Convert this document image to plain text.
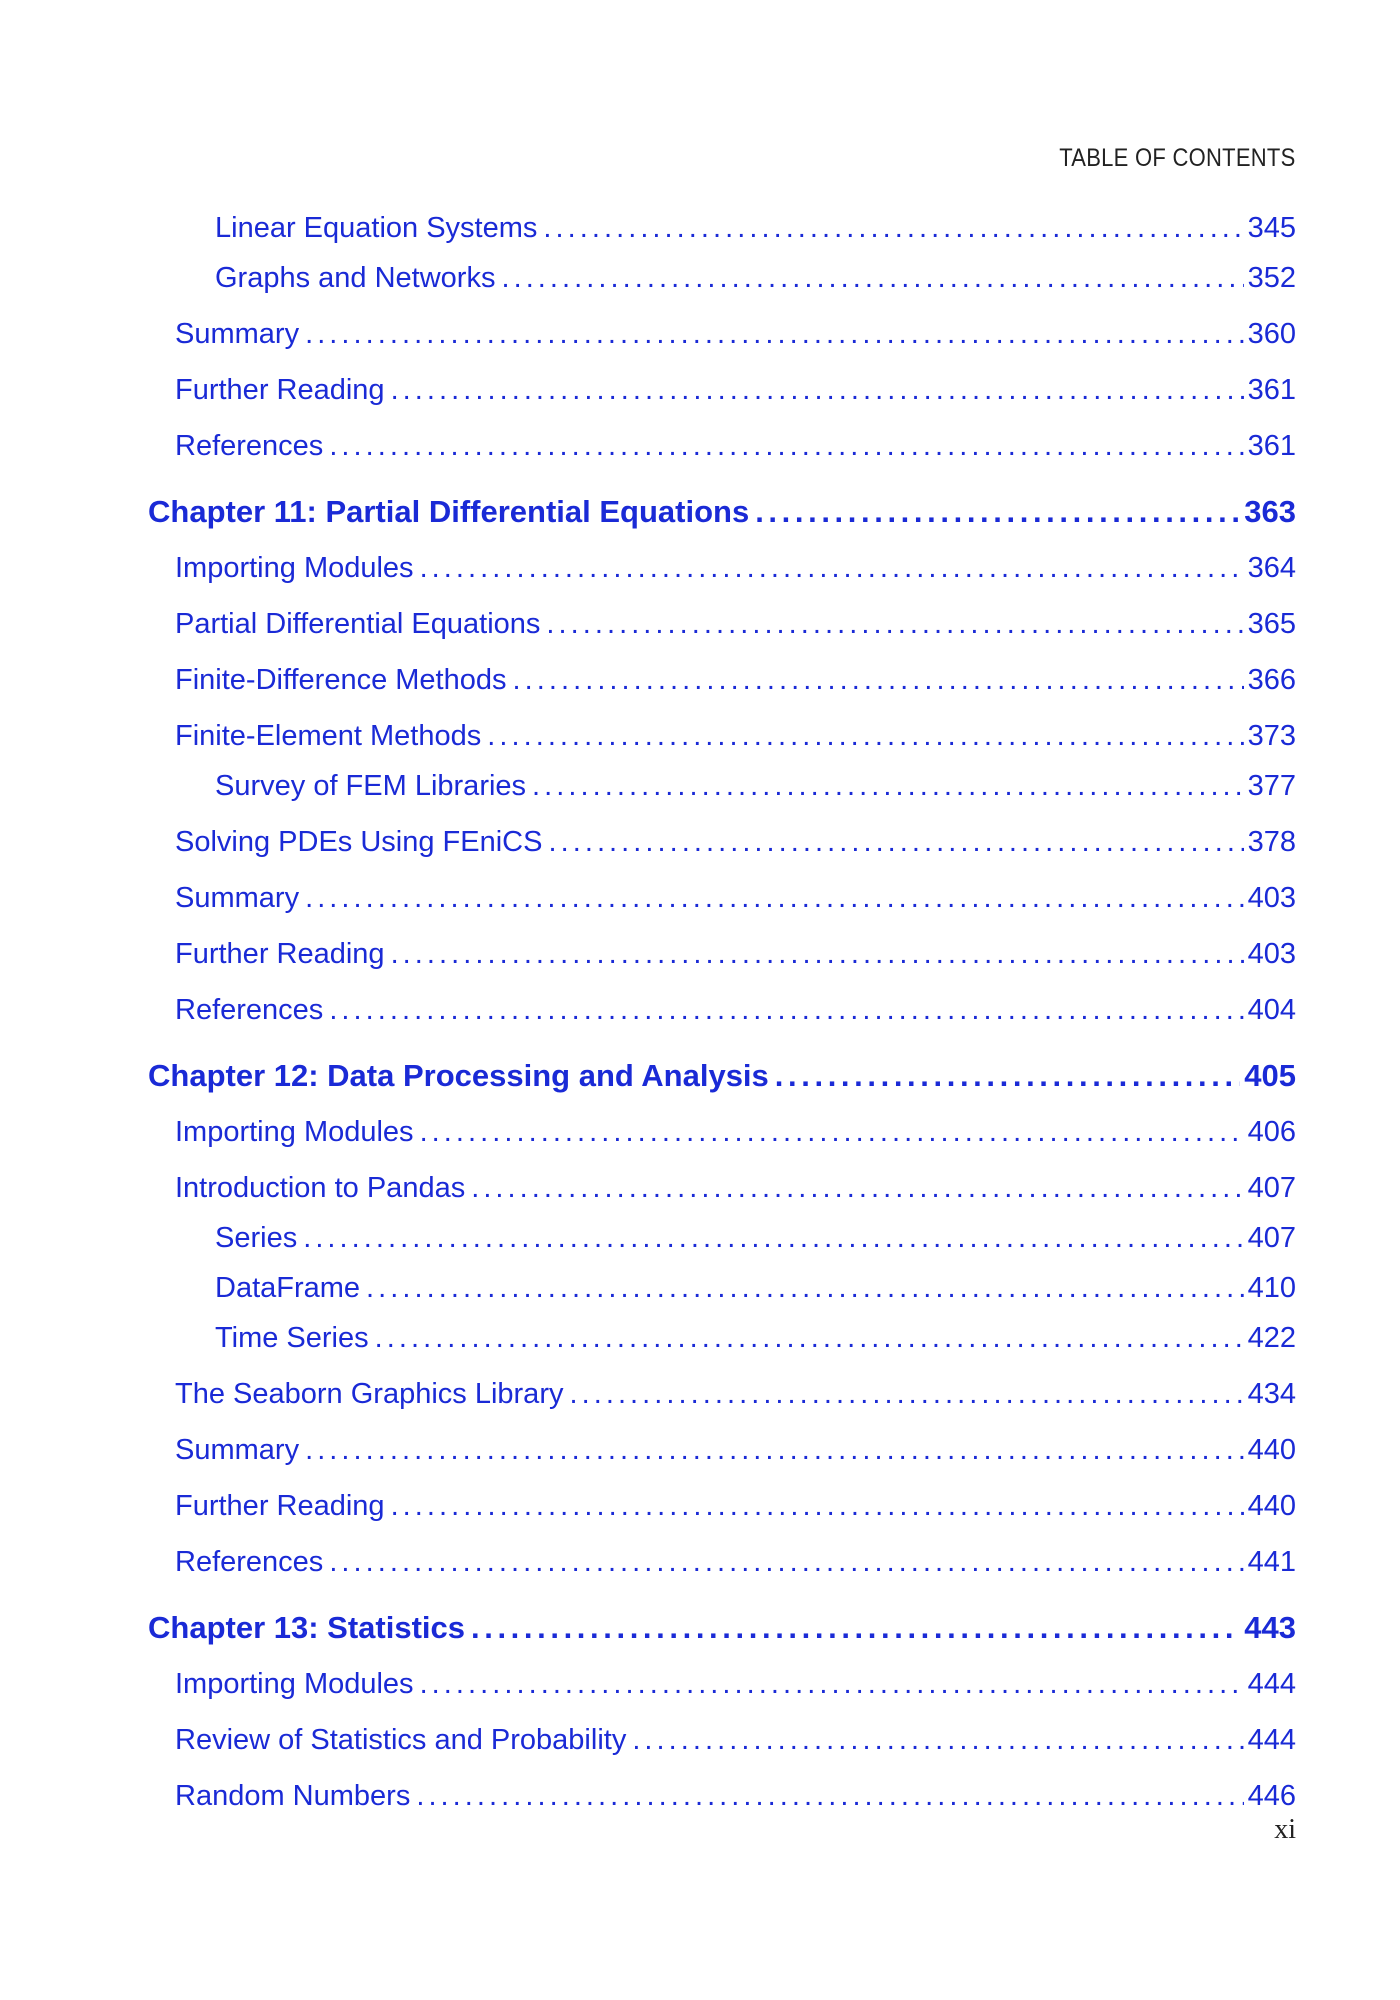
TABLE OF CONTENTS
Linear Equation Systems . . .	345
Graphs and Networks . . .	352
Summary . . .	360
Further Reading . . .	361
References . . .	361
Chapter 11: Partial Differential Equations . . .	363
Importing Modules . . .	364
Partial Differential Equations . . .	365
Finite-Difference Methods . . .	366
Finite-Element Methods . . .	373
Survey of FEM Libraries . . .	377
Solving PDEs Using FEniCS . . .	378
Summary . . .	403
Further Reading . . .	403
References . . .	404
Chapter 12: Data Processing and Analysis . . .	405
Importing Modules . . .	406
Introduction to Pandas . . .	407
Series . . .	407
DataFrame . . .	410
Time Series . . .	422
The Seaborn Graphics Library . . .	434
Summary . . .	440
Further Reading . . .	440
References . . .	441
Chapter 13: Statistics . . .	443
Importing Modules . . .	444
Review of Statistics and Probability . . .	444
Random Numbers . . .	446
xi
